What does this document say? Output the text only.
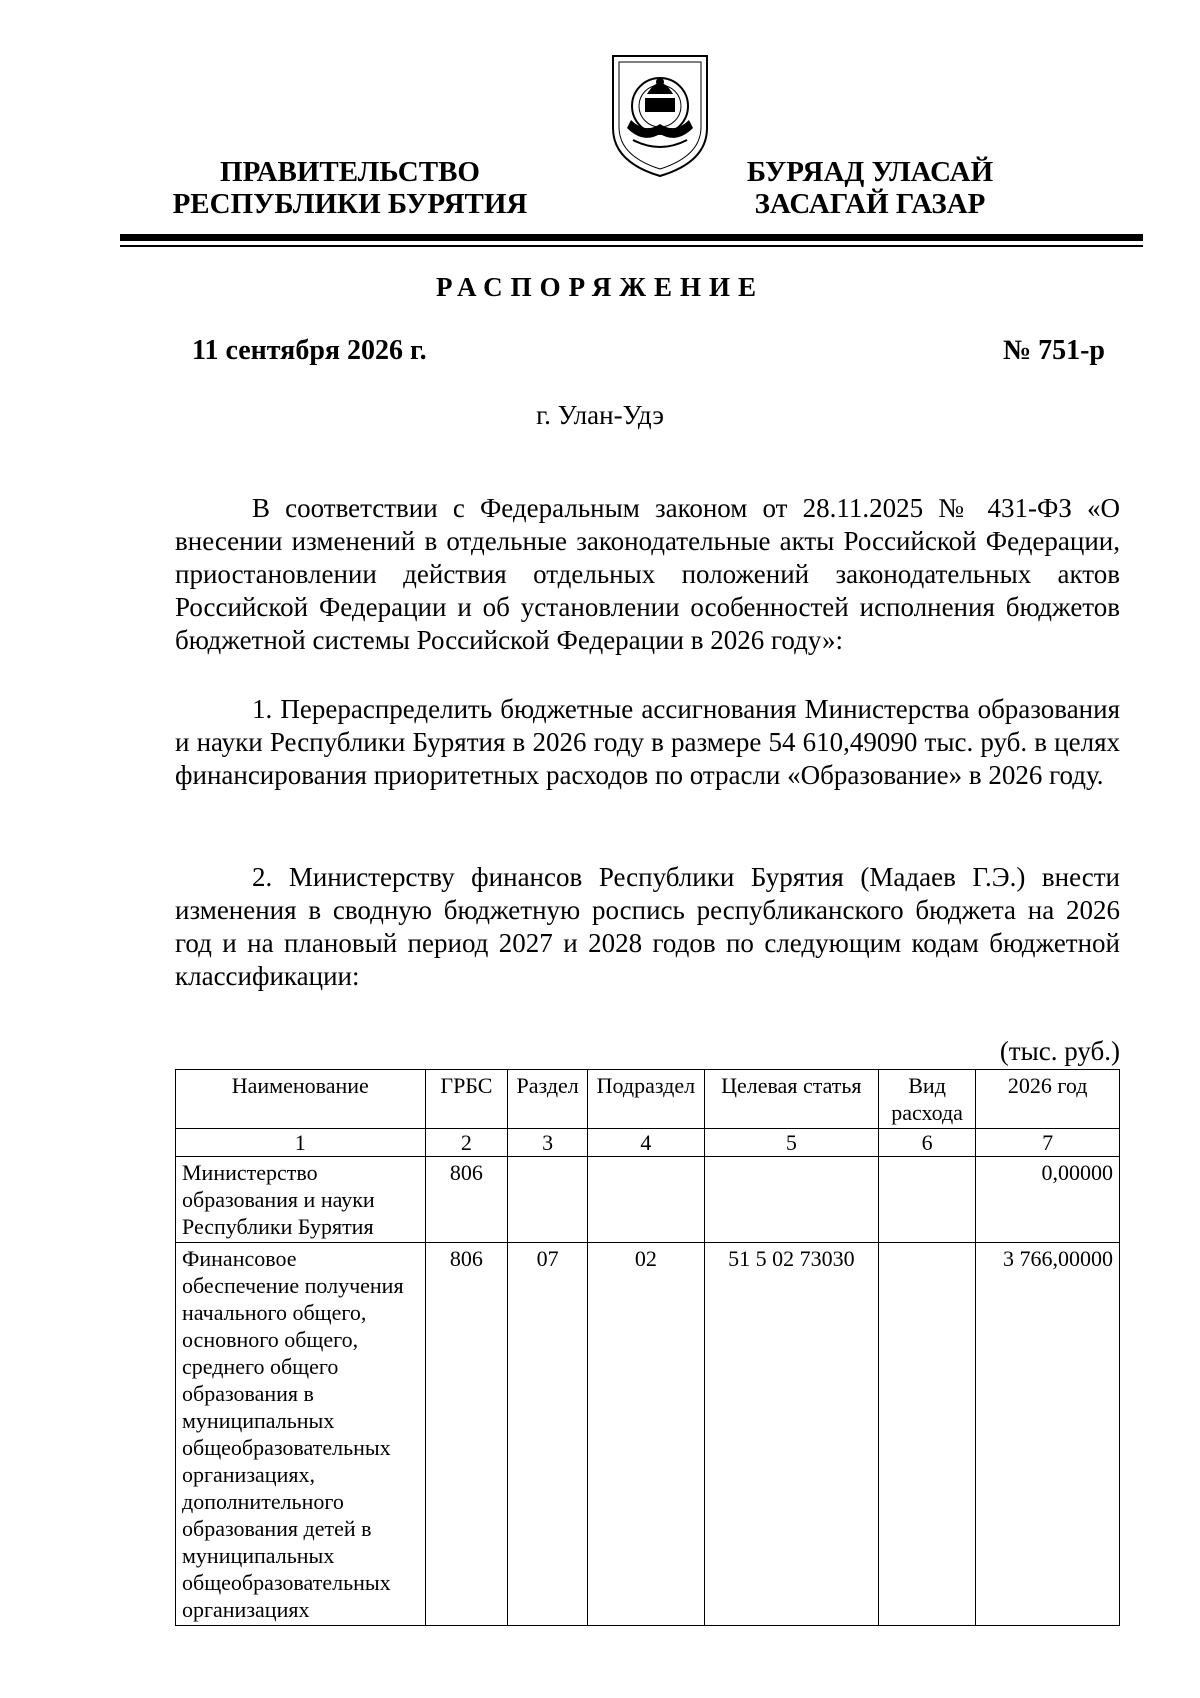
ПРАВИТЕЛЬСТВО
РЕСПУБЛИКИ БУРЯТИЯ
БУРЯАД УЛАСАЙ
ЗАСАГАЙ ГАЗАР
РАСПОРЯЖЕНИЕ
11 сентября 2026 г.	№ 751-р
г. Улан-Удэ
В соответствии с Федеральным законом от 28.11.2025 № 431-ФЗ «О внесении изменений в отдельные законодательные акты Российской Федерации, приостановлении действия отдельных положений законодательных актов Российской Федерации и об установлении особенностей исполнения бюджетов бюджетной системы Российской Федерации в 2026 году»:
1. Перераспределить бюджетные ассигнования Министерства образования и науки Республики Бурятия в 2026 году в размере 54 610,49090 тыс. руб. в целях финансирования приоритетных расходов по отрасли «Образование» в 2026 году.
2. Министерству финансов Республики Бурятия (Мадаев Г.Э.) внести изменения в сводную бюджетную роспись республиканского бюджета на 2026 год и на плановый период 2027 и 2028 годов по следующим кодам бюджетной классификации:
(тыс. руб.)
Наименование	ГРБС	Раздел	Подраздел	Целевая статья	Вид расхода	2026 год
1	2	3	4	5	6	7
Министерство образования и науки Республики Бурятия	806					0,00000
Финансовое обеспечение получения начального общего, основного общего, среднего общего образования в муниципальных общеобразовательных организациях, дополнительного образования детей в муниципальных общеобразовательных организациях	806	07	02	51 5 02 73030		3 766,00000
